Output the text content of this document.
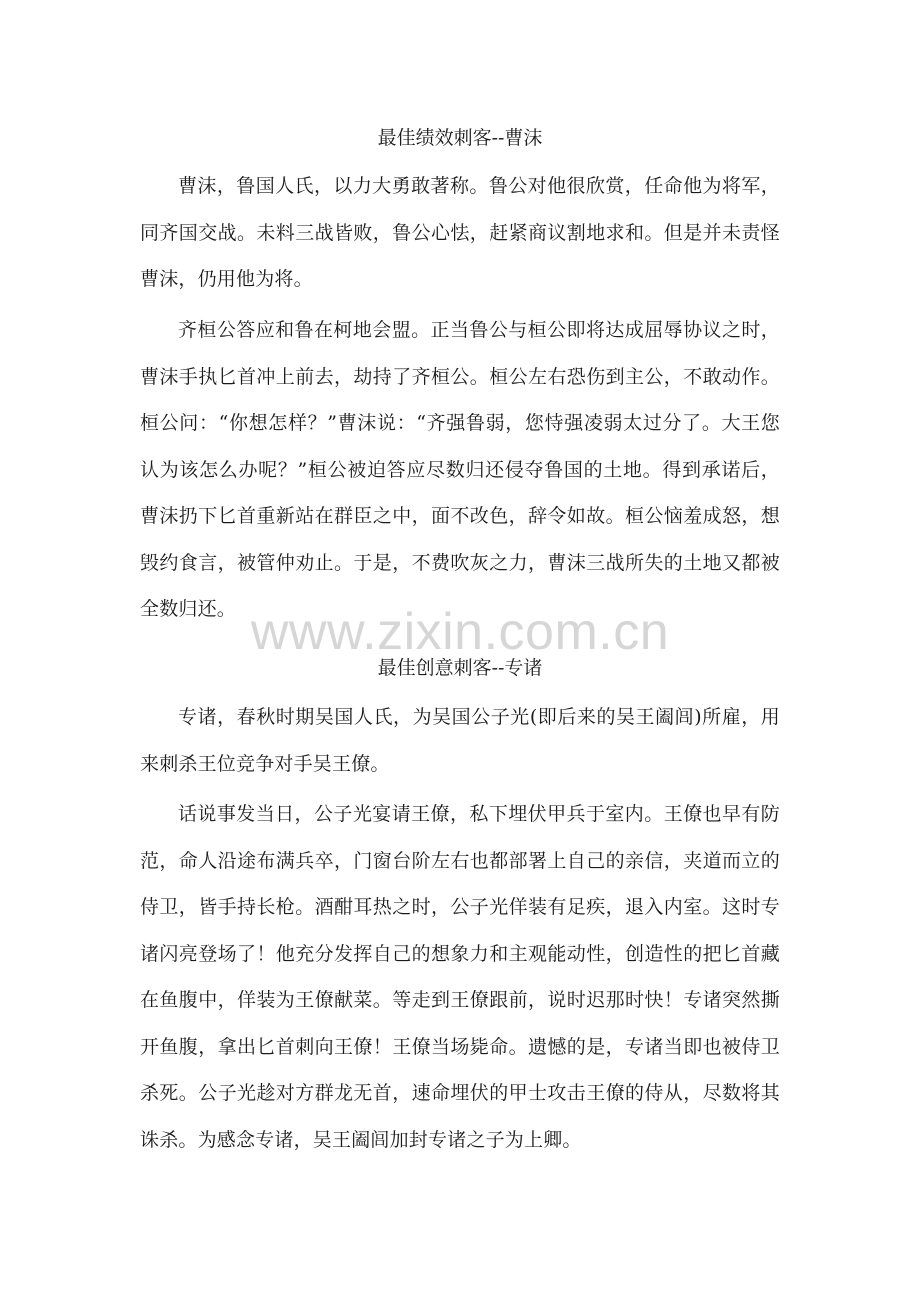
最佳绩效刺客--曹沫

曹沫，鲁国人氏，以力大勇敢著称。鲁公对他很欣赏，任命他为将军，同齐国交战。未料三战皆败，鲁公心怯，赶紧商议割地求和。但是并未责怪曹沫，仍用他为将。

齐桓公答应和鲁在柯地会盟。正当鲁公与桓公即将达成屈辱协议之时，曹沫手执匕首冲上前去，劫持了齐桓公。桓公左右恐伤到主公，不敢动作。桓公问：“你想怎样？”曹沫说：“齐强鲁弱，您恃强凌弱太过分了。大王您认为该怎么办呢？”桓公被迫答应尽数归还侵夺鲁国的土地。得到承诺后，曹沫扔下匕首重新站在群臣之中，面不改色，辞令如故。桓公恼羞成怒，想毁约食言，被管仲劝止。于是，不费吹灰之力，曹沫三战所失的土地又都被全数归还。 www.zixin.com.cn
最佳创意刺客--专诸

专诸，春秋时期吴国人氏，为吴国公子光(即后来的吴王阖闾)所雇，用来刺杀王位竞争对手吴王僚。

话说事发当日，公子光宴请王僚，私下埋伏甲兵于室内。王僚也早有防范，命人沿途布满兵卒，门窗台阶左右也都部署上自己的亲信，夹道而立的侍卫，皆手持长枪。酒酣耳热之时，公子光佯装有足疾，退入内室。这时专诸闪亮登场了！他充分发挥自己的想象力和主观能动性，创造性的把匕首藏在鱼腹中，佯装为王僚献菜。等走到王僚跟前，说时迟那时快！专诸突然撕开鱼腹，拿出匕首刺向王僚！王僚当场毙命。遗憾的是，专诸当即也被侍卫杀死。公子光趁对方群龙无首，速命埋伏的甲士攻击王僚的侍从，尽数将其诛杀。为感念专诸，吴王阖闾加封专诸之子为上卿。
